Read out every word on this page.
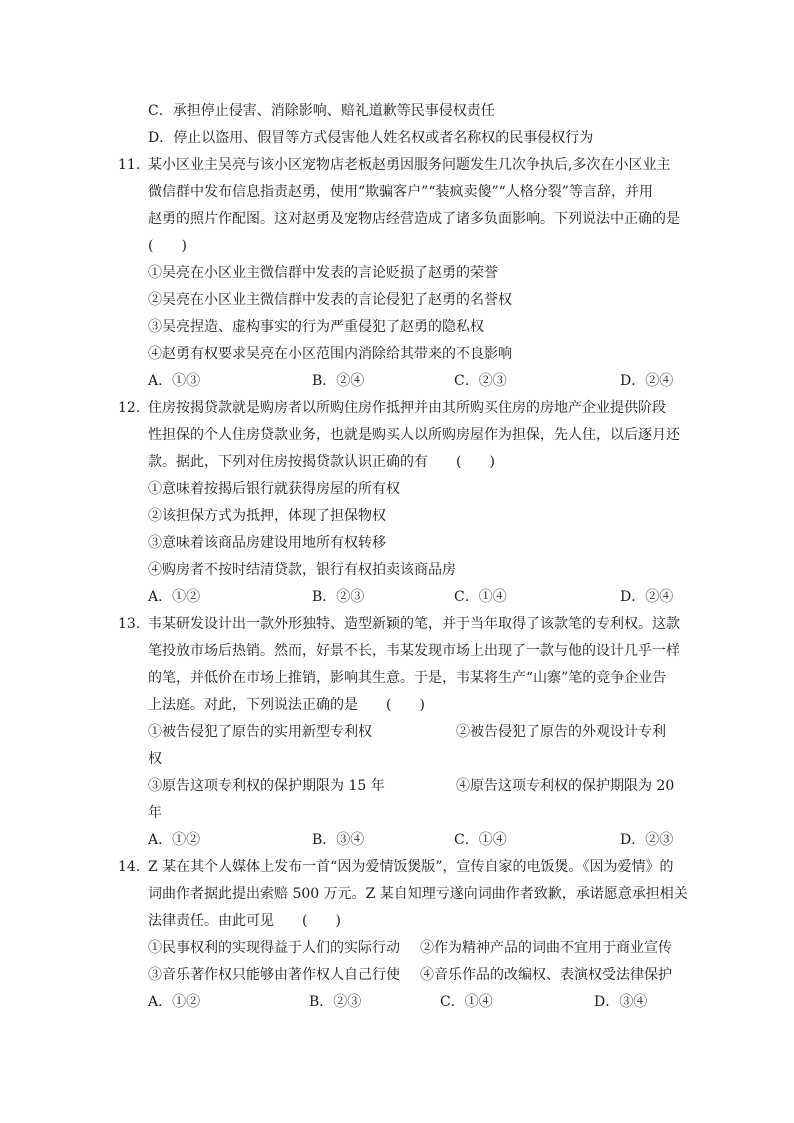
C．承担停止侵害、消除影响、赔礼道歉等民事侵权责任
D．停止以盗用、假冒等方式侵害他人姓名权或者名称权的民事侵权行为
11. 某小区业主吴亮与该小区宠物店老板赵勇因服务问题发生几次争执后,多次在小区业主
微信群中发布信息指责赵勇，使用“欺骗客户”“装疯卖傻”“人格分裂”等言辞，并用
赵勇的照片作配图。这对赵勇及宠物店经营造成了诸多负面影响。下列说法中正确的是
(　　)
①吴亮在小区业主微信群中发表的言论贬损了赵勇的荣誉
②吴亮在小区业主微信群中发表的言论侵犯了赵勇的名誉权
③吴亮捏造、虚构事实的行为严重侵犯了赵勇的隐私权
④赵勇有权要求吴亮在小区范围内消除给其带来的不良影响
A．①③	B．②④	C．②③	D．②④
12. 住房按揭贷款就是购房者以所购住房作抵押并由其所购买住房的房地产企业提供阶段
性担保的个人住房贷款业务，也就是购买人以所购房屋作为担保，先人住，以后逐月还
款。据此，下列对住房按揭贷款认识正确的有　　(　　)
①意味着按揭后银行就获得房屋的所有权
②该担保方式为抵押，体现了担保物权
③意味着该商品房建设用地所有权转移
④购房者不按时结清贷款，银行有权拍卖该商品房
A．①②	B．②③	C．①④	D．②④
13. 韦某研发设计出一款外形独特、造型新颖的笔，并于当年取得了该款笔的专利权。这款
笔投放市场后热销。然而，好景不长，韦某发现市场上出现了一款与他的设计几乎一样
的笔，并低价在市场上推销，影响其生意。于是，韦某将生产“山寨”笔的竞争企业告
上法庭。对此，下列说法正确的是　　(　　)
①被告侵犯了原告的实用新型专利权	②被告侵犯了原告的外观设计专利
权
③原告这项专利权的保护期限为 15 年	④原告这项专利权的保护期限为 20
年
A．①②	B．③④	C．①④	D．②③
14. Z 某在其个人媒体上发布一首“因为爱情饭煲版”，宣传自家的电饭煲。《因为爱情》的
词曲作者据此提出索赔 500 万元。Z 某自知理亏遂向词曲作者致歉，承诺愿意承担相关
法律责任。由此可见　　(　　)
①民事权利的实现得益于人们的实际行动 ②作为精神产品的词曲不宜用于商业宣传
③音乐著作权只能够由著作权人自己行使 ④音乐作品的改编权、表演权受法律保护
A．①②	B．②③	C．①④	D．③④
